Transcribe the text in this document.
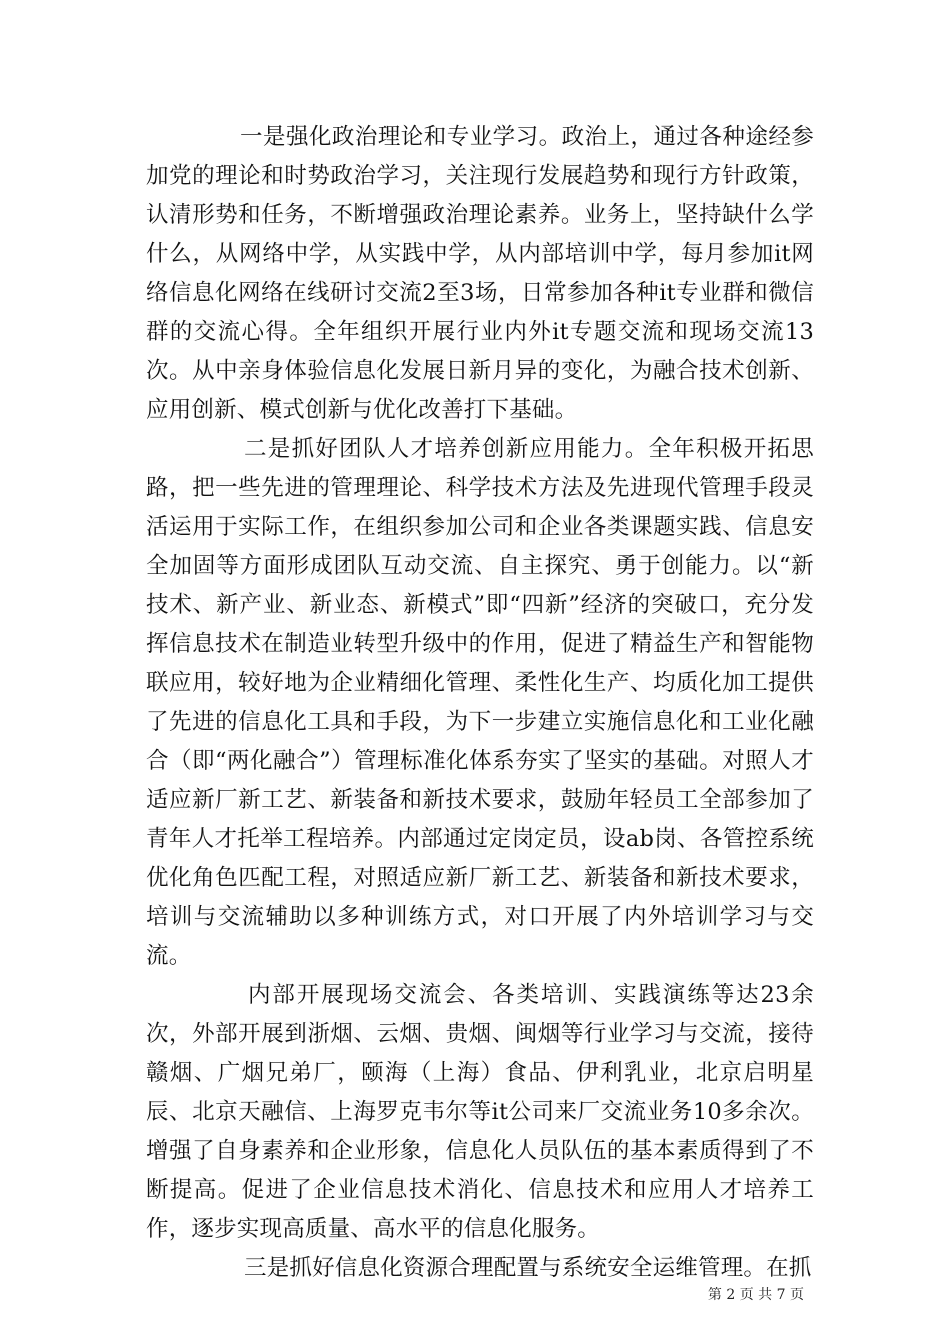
一是强化政治理论和专业学习。政治上，通过各种途经参加党的理论和时势政治学习，关注现行发展趋势和现行方针政策，认清形势和任务，不断增强政治理论素养。业务上，坚持缺什么学什么，从网络中学，从实践中学，从内部培训中学，每月参加it网络信息化网络在线研讨交流2至3场，日常参加各种it专业群和微信群的交流心得。全年组织开展行业内外it专题交流和现场交流13次。从中亲身体验信息化发展日新月异的变化，为融合技术创新、应用创新、模式创新与优化改善打下基础。

二是抓好团队人才培养创新应用能力。全年积极开拓思路，把一些先进的管理理论、科学技术方法及先进现代管理手段灵活运用于实际工作，在组织参加公司和企业各类课题实践、信息安全加固等方面形成团队互动交流、自主探究、勇于创能力。以“新技术、新产业、新业态、新模式”即“四新”经济的突破口，充分发挥信息技术在制造业转型升级中的作用，促进了精益生产和智能物联应用，较好地为企业精细化管理、柔性化生产、均质化加工提供了先进的信息化工具和手段，为下一步建立实施信息化和工业化融合（即“两化融合”）管理标准化体系夯实了坚实的基础。对照人才适应新厂新工艺、新装备和新技术要求，鼓励年轻员工全部参加了青年人才托举工程培养。内部通过定岗定员，设ab岗、各管控系统优化角色匹配工程，对照适应新厂新工艺、新装备和新技术要求，培训与交流辅助以多种训练方式，对口开展了内外培训学习与交流。

内部开展现场交流会、各类培训、实践演练等达23余次，外部开展到浙烟、云烟、贵烟、闽烟等行业学习与交流，接待赣烟、广烟兄弟厂，颐海（上海）食品、伊利乳业，北京启明星辰、北京天融信、上海罗克韦尔等it公司来厂交流业务10多余次。增强了自身素养和企业形象，信息化人员队伍的基本素质得到了不断提高。促进了企业信息技术消化、信息技术和应用人才培养工作，逐步实现高质量、高水平的信息化服务。

三是抓好信息化资源合理配置与系统安全运维管理。在抓

第 2 页 共 7 页
